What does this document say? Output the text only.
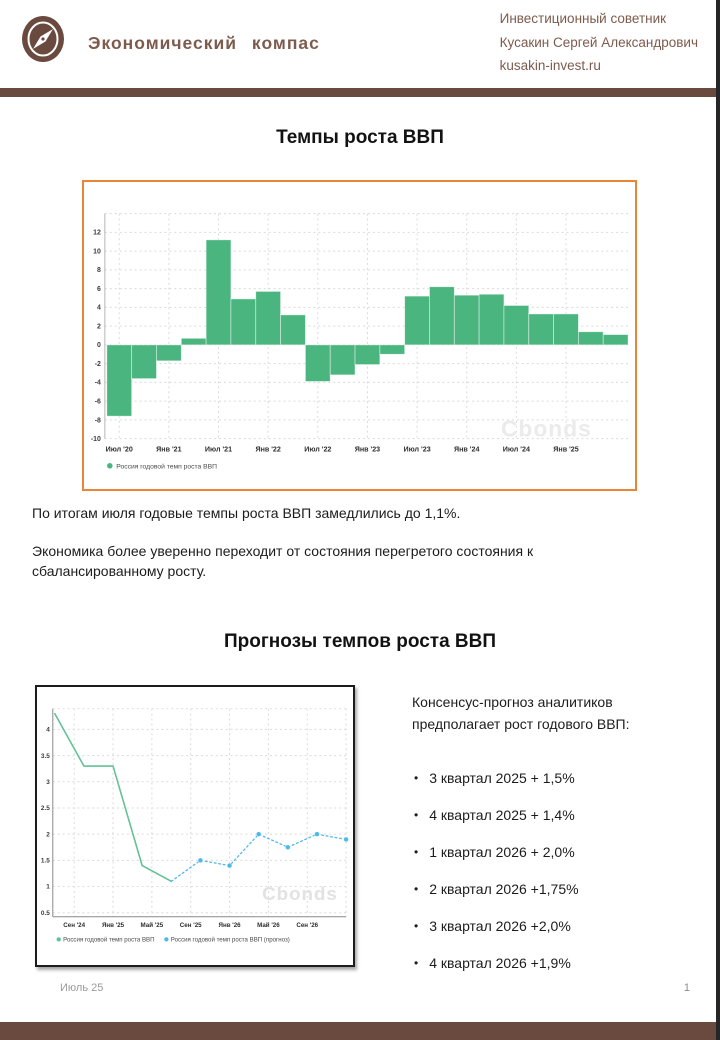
Экономический компас
Инвестиционный советник
Кусакин Сергей Александрович
kusakin-invest.ru
Темпы роста ВВП
12
10
8
6
4
2
0
-2
-4
-6
-8
-10	Cbonds
Июл '20	Янв '21	Июл '21	Янв '22	Июл '22	Янв '23	Июл '23	Янв '24	Июл '24	Янв '25
Россия годовой темп роста ВВП
По итогам июля годовые темпы роста ВВП замедлились до 1,1%.
Экономика более уверенно переходит от состояния перегретого состояния к сбалансированному росту.
Прогнозы темпов роста ВВП
4
3.5
3
2.5
2
1.5
1
0.5
Cbonds
Сен '24	Янв '25	Май '25	Сен '25	Янв '26	Май '26	Сен '26
Россия годовой темп роста ВВП	Россия годовой темп роста ВВП (прогноз)
Консенсус-прогноз аналитиков предполагает рост годового ВВП:
• 3 квартал 2025 + 1,5%
• 4 квартал 2025 + 1,4%
• 1 квартал 2026 + 2,0%
• 2 квартал 2026 +1,75%
• 3 квартал 2026 +2,0%
• 4 квартал 2026 +1,9%
Июль 25	1
